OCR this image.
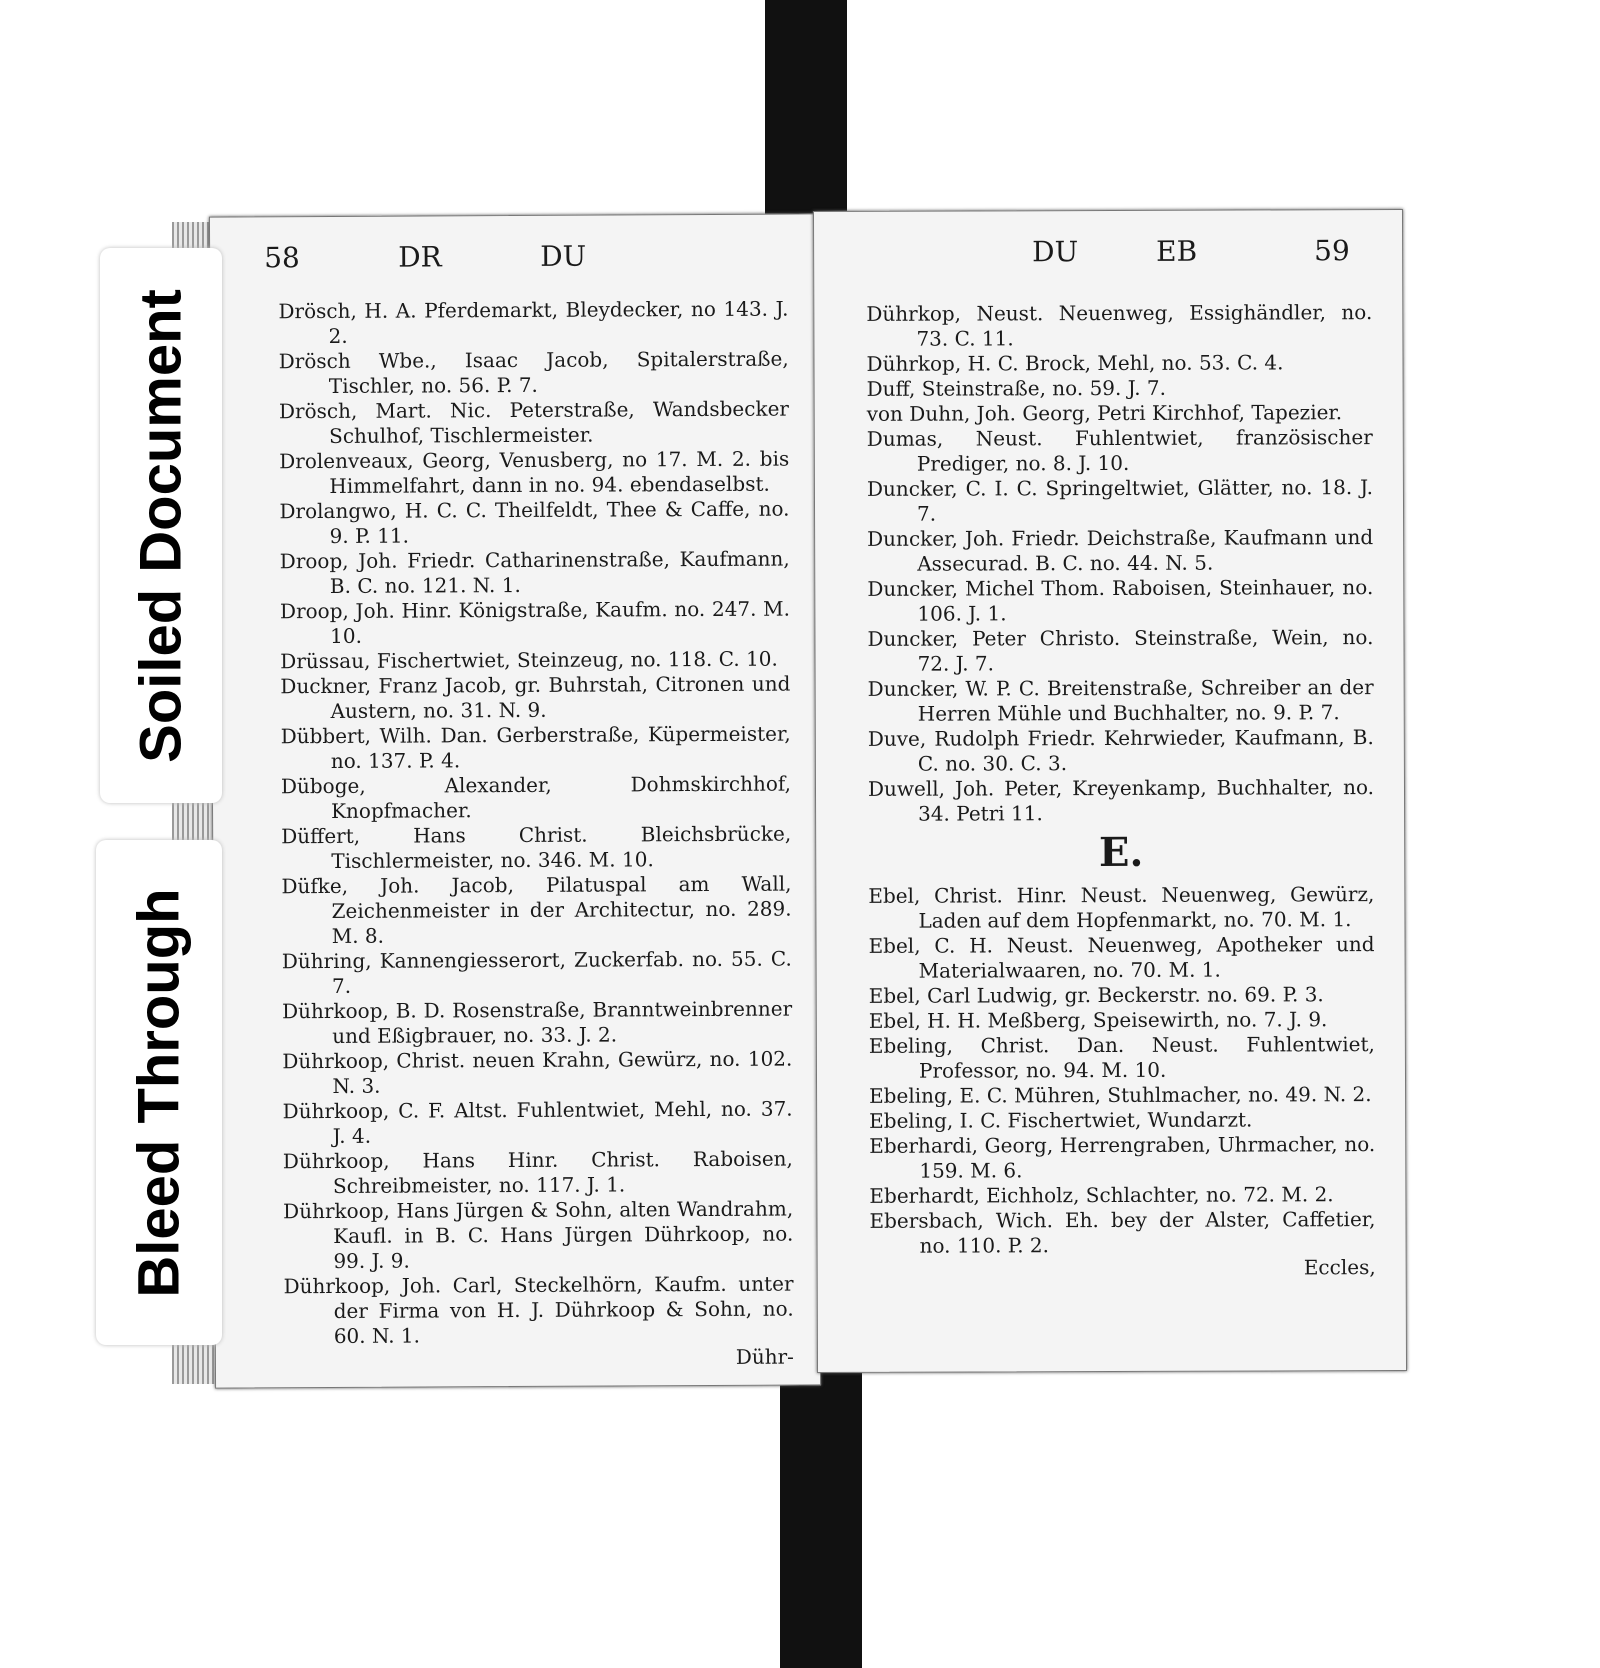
58	DR	DU

Drösch, H. A. Pferdemarkt, Bleydecker, no 143. J. 2.

Drösch Wbe., Isaac Jacob, Spitalerstraße, Tischler, no. 56. P. 7.

Drösch, Mart. Nic. Peterstraße, Wandsbecker Schulhof, Tischlermeister.

Drolenveaux, Georg, Venusberg, no 17. M. 2. bis Himmelfahrt, dann in no. 94. ebendaselbst.

Drolangwo, H. C. C. Theilfeldt, Thee & Caffe, no. 9. P. 11.

Droop, Joh. Friedr. Catharinenstraße, Kaufmann, B. C. no. 121. N. 1.

Droop, Joh. Hinr. Königstraße, Kaufm. no. 247. M. 10.

Drüssau, Fischertwiet, Steinzeug, no. 118. C. 10.

Duckner, Franz Jacob, gr. Buhrstah, Citronen und Austern, no. 31. N. 9.

Dübbert, Wilh. Dan. Gerberstraße, Küpermeister, no. 137. P. 4.

Düboge, Alexander, Dohmskirchhof, Knopfmacher.

Düffert, Hans Christ. Bleichsbrücke, Tischlermeister, no. 346. M. 10.

Düfke, Joh. Jacob, Pilatuspal am Wall, Zeichenmeister in der Architectur, no. 289. M. 8.

Dühring, Kannengiesserort, Zuckerfab. no. 55. C. 7.

Dührkoop, B. D. Rosenstraße, Branntweinbrenner und Eßigbrauer, no. 33. J. 2.

Dührkoop, Christ. neuen Krahn, Gewürz, no. 102. N. 3.

Dührkoop, C. F. Altst. Fuhlentwiet, Mehl, no. 37. J. 4.

Dührkoop, Hans Hinr. Christ. Raboisen, Schreibmeister, no. 117. J. 1.

Dührkoop, Hans Jürgen & Sohn, alten Wandrahm, Kaufl. in B. C. Hans Jürgen Dührkoop, no. 99. J. 9.

Dührkoop, Joh. Carl, Steckelhörn, Kaufm. unter der Firma von H. J. Dührkoop & Sohn, no. 60. N. 1.

Dühr-
DU	EB	59

Dührkop, Neust. Neuenweg, Essighändler, no. 73. C. 11.

Dührkop, H. C. Brock, Mehl, no. 53. C. 4.

Duff, Steinstraße, no. 59. J. 7.

von Duhn, Joh. Georg, Petri Kirchhof, Tapezier.

Dumas, Neust. Fuhlentwiet, französischer Prediger, no. 8. J. 10.

Duncker, C. I. C. Springeltwiet, Glätter, no. 18. J. 7.

Duncker, Joh. Friedr. Deichstraße, Kaufmann und Assecurad. B. C. no. 44. N. 5.

Duncker, Michel Thom. Raboisen, Steinhauer, no. 106. J. 1.

Duncker, Peter Christo. Steinstraße, Wein, no. 72. J. 7.

Duncker, W. P. C. Breitenstraße, Schreiber an der Herren Mühle und Buchhalter, no. 9. P. 7.

Duve, Rudolph Friedr. Kehrwieder, Kaufmann, B. C. no. 30. C. 3.

Duwell, Joh. Peter, Kreyenkamp, Buchhalter, no. 34. Petri 11.

E.

Ebel, Christ. Hinr. Neust. Neuenweg, Gewürz, Laden auf dem Hopfenmarkt, no. 70. M. 1.

Ebel, C. H. Neust. Neuenweg, Apotheker und Materialwaaren, no. 70. M. 1.

Ebel, Carl Ludwig, gr. Beckerstr. no. 69. P. 3.

Ebel, H. H. Meßberg, Speisewirth, no. 7. J. 9.

Ebeling, Christ. Dan. Neust. Fuhlentwiet, Professor, no. 94. M. 10.

Ebeling, E. C. Mühren, Stuhlmacher, no. 49. N. 2.

Ebeling, I. C. Fischertwiet, Wundarzt.

Eberhardi, Georg, Herrengraben, Uhrmacher, no. 159. M. 6.

Eberhardt, Eichholz, Schlachter, no. 72. M. 2.

Ebersbach, Wich. Eh. bey der Alster, Caffetier, no. 110. P. 2.

Eccles,
Soiled Document
Bleed Through
